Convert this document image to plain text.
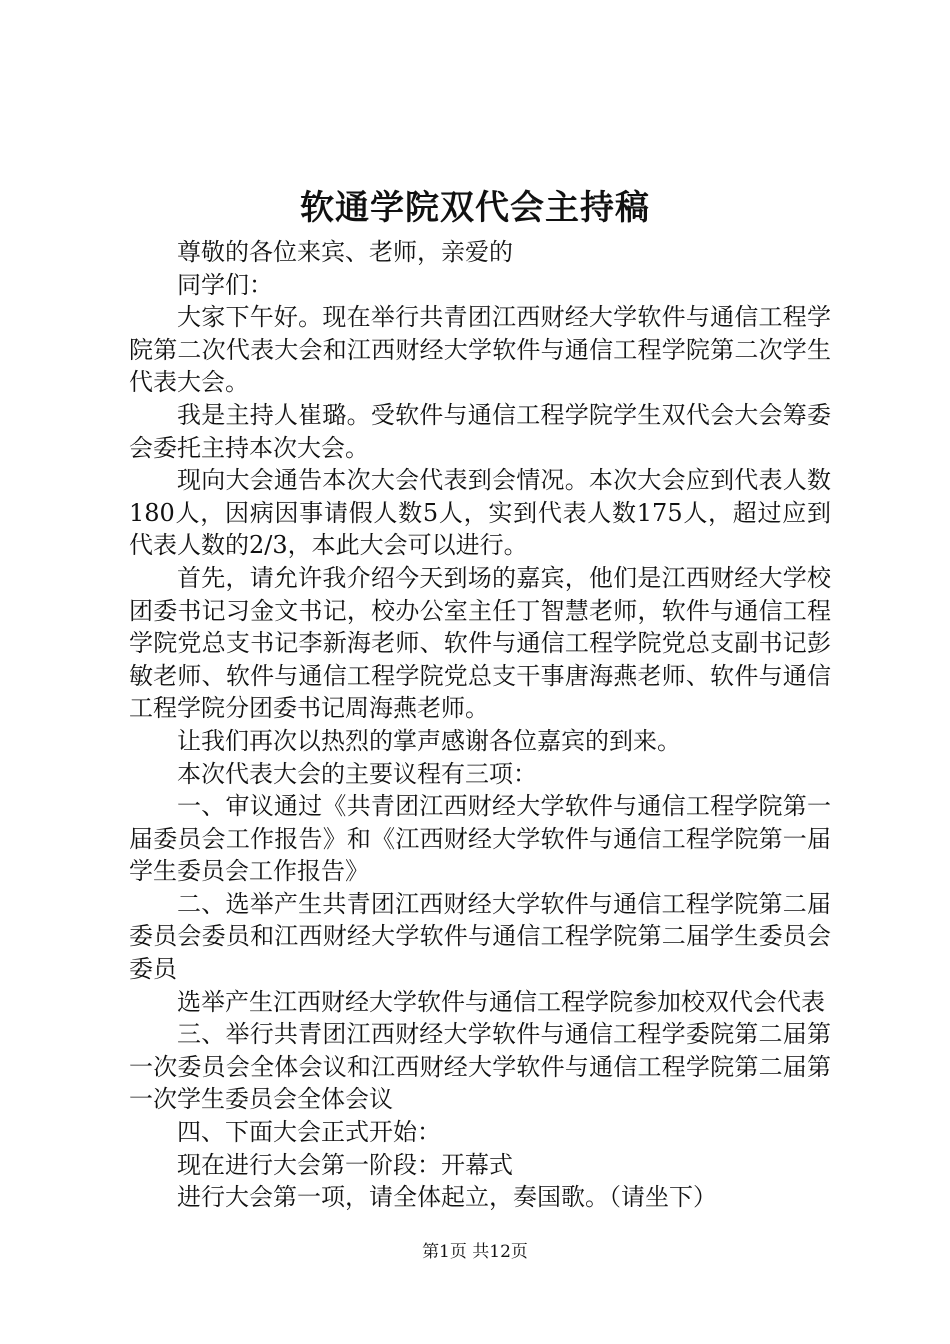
软通学院双代会主持稿

尊敬的各位来宾、老师，亲爱的

同学们：

大家下午好。现在举行共青团江西财经大学软件与通信工程学院第二次代表大会和江西财经大学软件与通信工程学院第二次学生代表大会。

我是主持人崔璐。受软件与通信工程学院学生双代会大会筹委会委托主持本次大会。

现向大会通告本次大会代表到会情况。本次大会应到代表人数180人，因病因事请假人数5人，实到代表人数175人，超过应到代表人数的2/3，本此大会可以进行。

首先，请允许我介绍今天到场的嘉宾，他们是江西财经大学校团委书记习金文书记，校办公室主任丁智慧老师，软件与通信工程学院党总支书记李新海老师、软件与通信工程学院党总支副书记彭敏老师、软件与通信工程学院党总支干事唐海燕老师、软件与通信工程学院分团委书记周海燕老师。

让我们再次以热烈的掌声感谢各位嘉宾的到来。

本次代表大会的主要议程有三项：

一、审议通过《共青团江西财经大学软件与通信工程学院第一届委员会工作报告》和《江西财经大学软件与通信工程学院第一届学生委员会工作报告》

二、选举产生共青团江西财经大学软件与通信工程学院第二届委员会委员和江西财经大学软件与通信工程学院第二届学生委员会委员

选举产生江西财经大学软件与通信工程学院参加校双代会代表

三、举行共青团江西财经大学软件与通信工程学委院第二届第一次委员会全体会议和江西财经大学软件与通信工程学院第二届第一次学生委员会全体会议

四、下面大会正式开始：

现在进行大会第一阶段：开幕式

进行大会第一项，请全体起立，奏国歌。（请坐下）

第1页 共12页
